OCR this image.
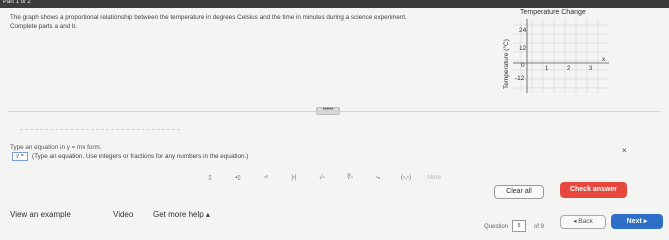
Part 1 of 2

The graph shows a proportional relationship between the temperature in degrees Celsius and the time in minutes during a science experiment. Complete parts a and b.

Temperature Change
24
12
0
-12
1	2	3
x
Temperature (°C)
•••••
Type an equation in y = mx form.
y =	(Type an equation. Use integers or fractions for any numbers in the equation.)
×
▯	▪▯	▫ⁿ	|▫|	√▫	∛▫	▫ₙ	(▫,▫)	More
Clear all	Check answer
View an example	Video Get more help ▴
Question	8	of 9
◂ Back	Next ▸
